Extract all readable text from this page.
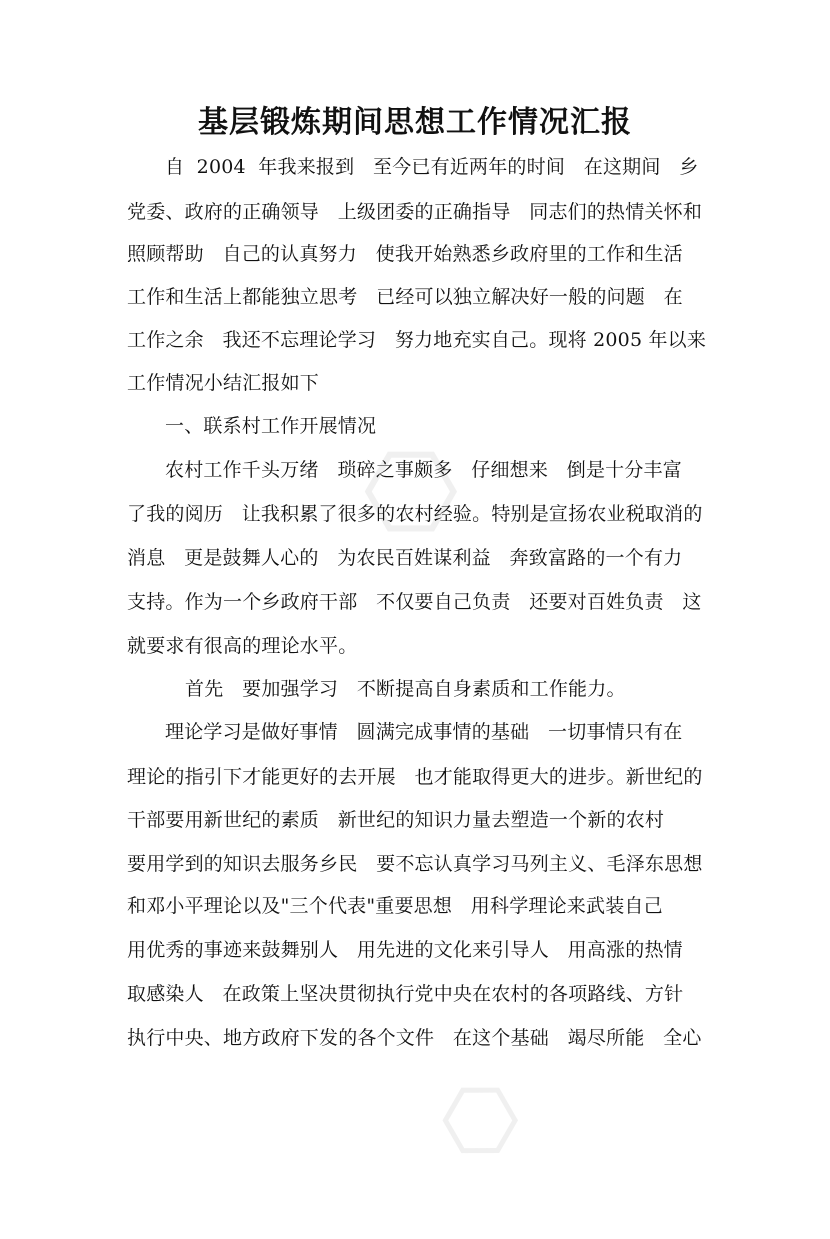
⬡
⬡
基层锻炼期间思想工作情况汇报
自  2004  年我来报到   至今已有近两年的时间   在这期间   乡
党委、政府的正确领导   上级团委的正确指导   同志们的热情关怀和
照顾帮助   自己的认真努力   使我开始熟悉乡政府里的工作和生活
工作和生活上都能独立思考   已经可以独立解决好一般的问题   在
工作之余   我还不忘理论学习   努力地充实自己。现将 2005 年以来
工作情况小结汇报如下
一、联系村工作开展情况
农村工作千头万绪   琐碎之事颇多   仔细想来   倒是十分丰富
了我的阅历   让我积累了很多的农村经验。特别是宣扬农业税取消的
消息   更是鼓舞人心的   为农民百姓谋利益   奔致富路的一个有力
支持。作为一个乡政府干部   不仅要自己负责   还要对百姓负责   这
就要求有很高的理论水平。
首先   要加强学习   不断提高自身素质和工作能力。
理论学习是做好事情   圆满完成事情的基础   一切事情只有在
理论的指引下才能更好的去开展   也才能取得更大的进步。新世纪的
干部要用新世纪的素质   新世纪的知识力量去塑造一个新的农村
要用学到的知识去服务乡民   要不忘认真学习马列主义、毛泽东思想
和邓小平理论以及"三个代表"重要思想   用科学理论来武装自己
用优秀的事迹来鼓舞别人   用先进的文化来引导人   用高涨的热情
取感染人   在政策上坚决贯彻执行党中央在农村的各项路线、方针
执行中央、地方政府下发的各个文件   在这个基础   竭尽所能   全心
